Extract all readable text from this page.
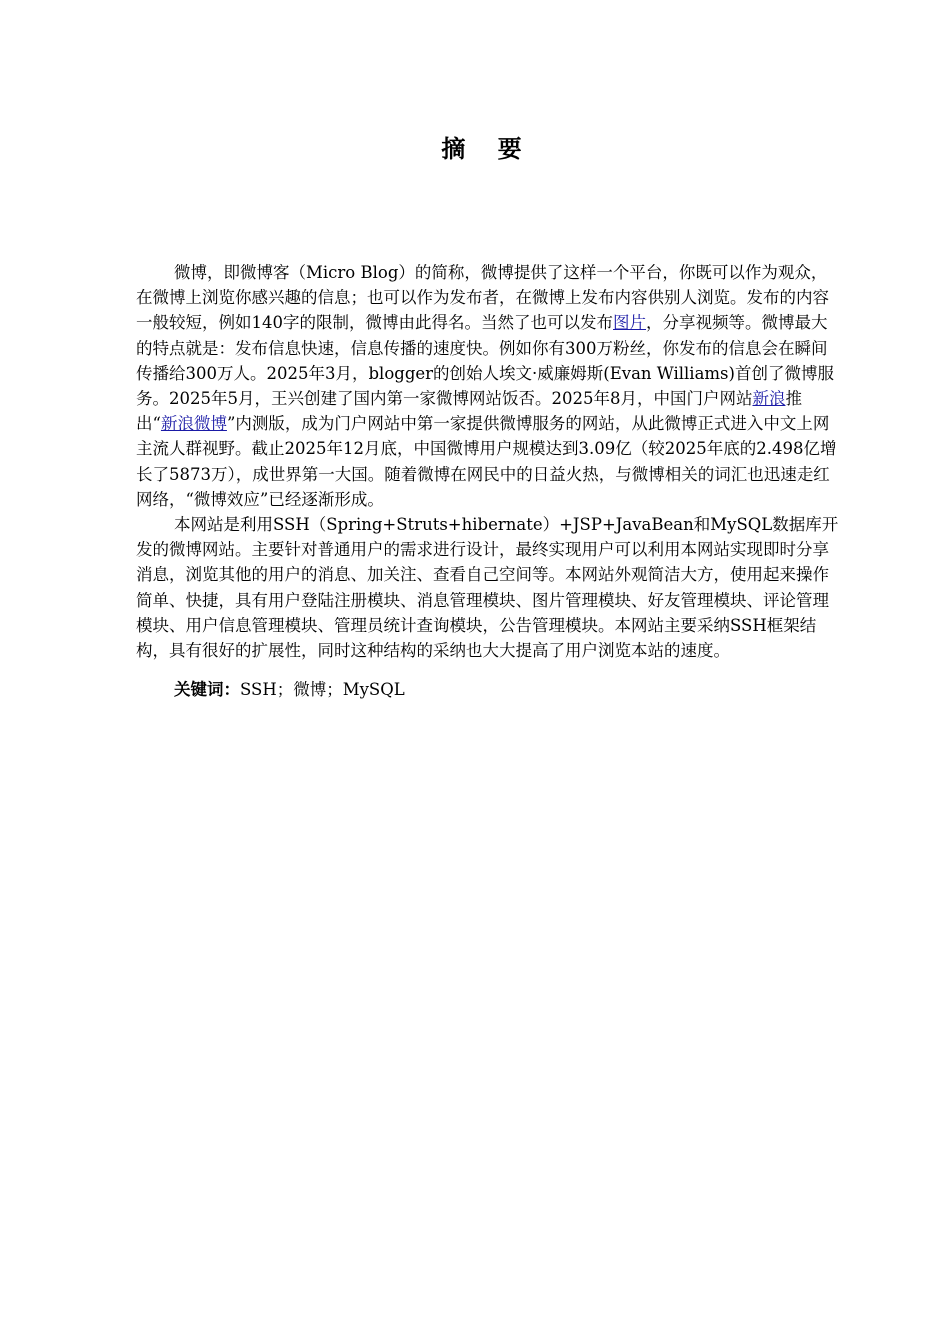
摘 要

微博，即微博客（Micro Blog）的简称，微博提供了这样一个平台，你既可以作为观众，在微博上浏览你感兴趣的信息；也可以作为发布者，在微博上发布内容供别人浏览。发布的内容一般较短，例如140字的限制，微博由此得名。当然了也可以发布图片，分享视频等。微博最大的特点就是：发布信息快速，信息传播的速度快。例如你有300万粉丝，你发布的信息会在瞬间传播给300万人。2025年3月，blogger的创始人埃文·威廉姆斯(Evan Williams)首创了微博服务。2025年5月，王兴创建了国内第一家微博网站饭否。2025年8月，中国门户网站新浪推出“新浪微博”内测版，成为门户网站中第一家提供微博服务的网站，从此微博正式进入中文上网主流人群视野。截止2025年12月底，中国微博用户规模达到3.09亿（较2025年底的2.498亿增长了5873万），成世界第一大国。随着微博在网民中的日益火热，与微博相关的词汇也迅速走红网络，“微博效应”已经逐渐形成。

本网站是利用SSH（Spring+Struts+hibernate）+JSP+JavaBean和MySQL数据库开发的微博网站。主要针对普通用户的需求进行设计，最终实现用户可以利用本网站实现即时分享消息，浏览其他的用户的消息、加关注、查看自己空间等。本网站外观简洁大方，使用起来操作简单、快捷，具有用户登陆注册模块、消息管理模块、图片管理模块、好友管理模块、评论管理模块、用户信息管理模块、管理员统计查询模块，公告管理模块。本网站主要采纳SSH框架结构，具有很好的扩展性，同时这种结构的采纳也大大提高了用户浏览本站的速度。

关键词：SSH；微博；MySQL
